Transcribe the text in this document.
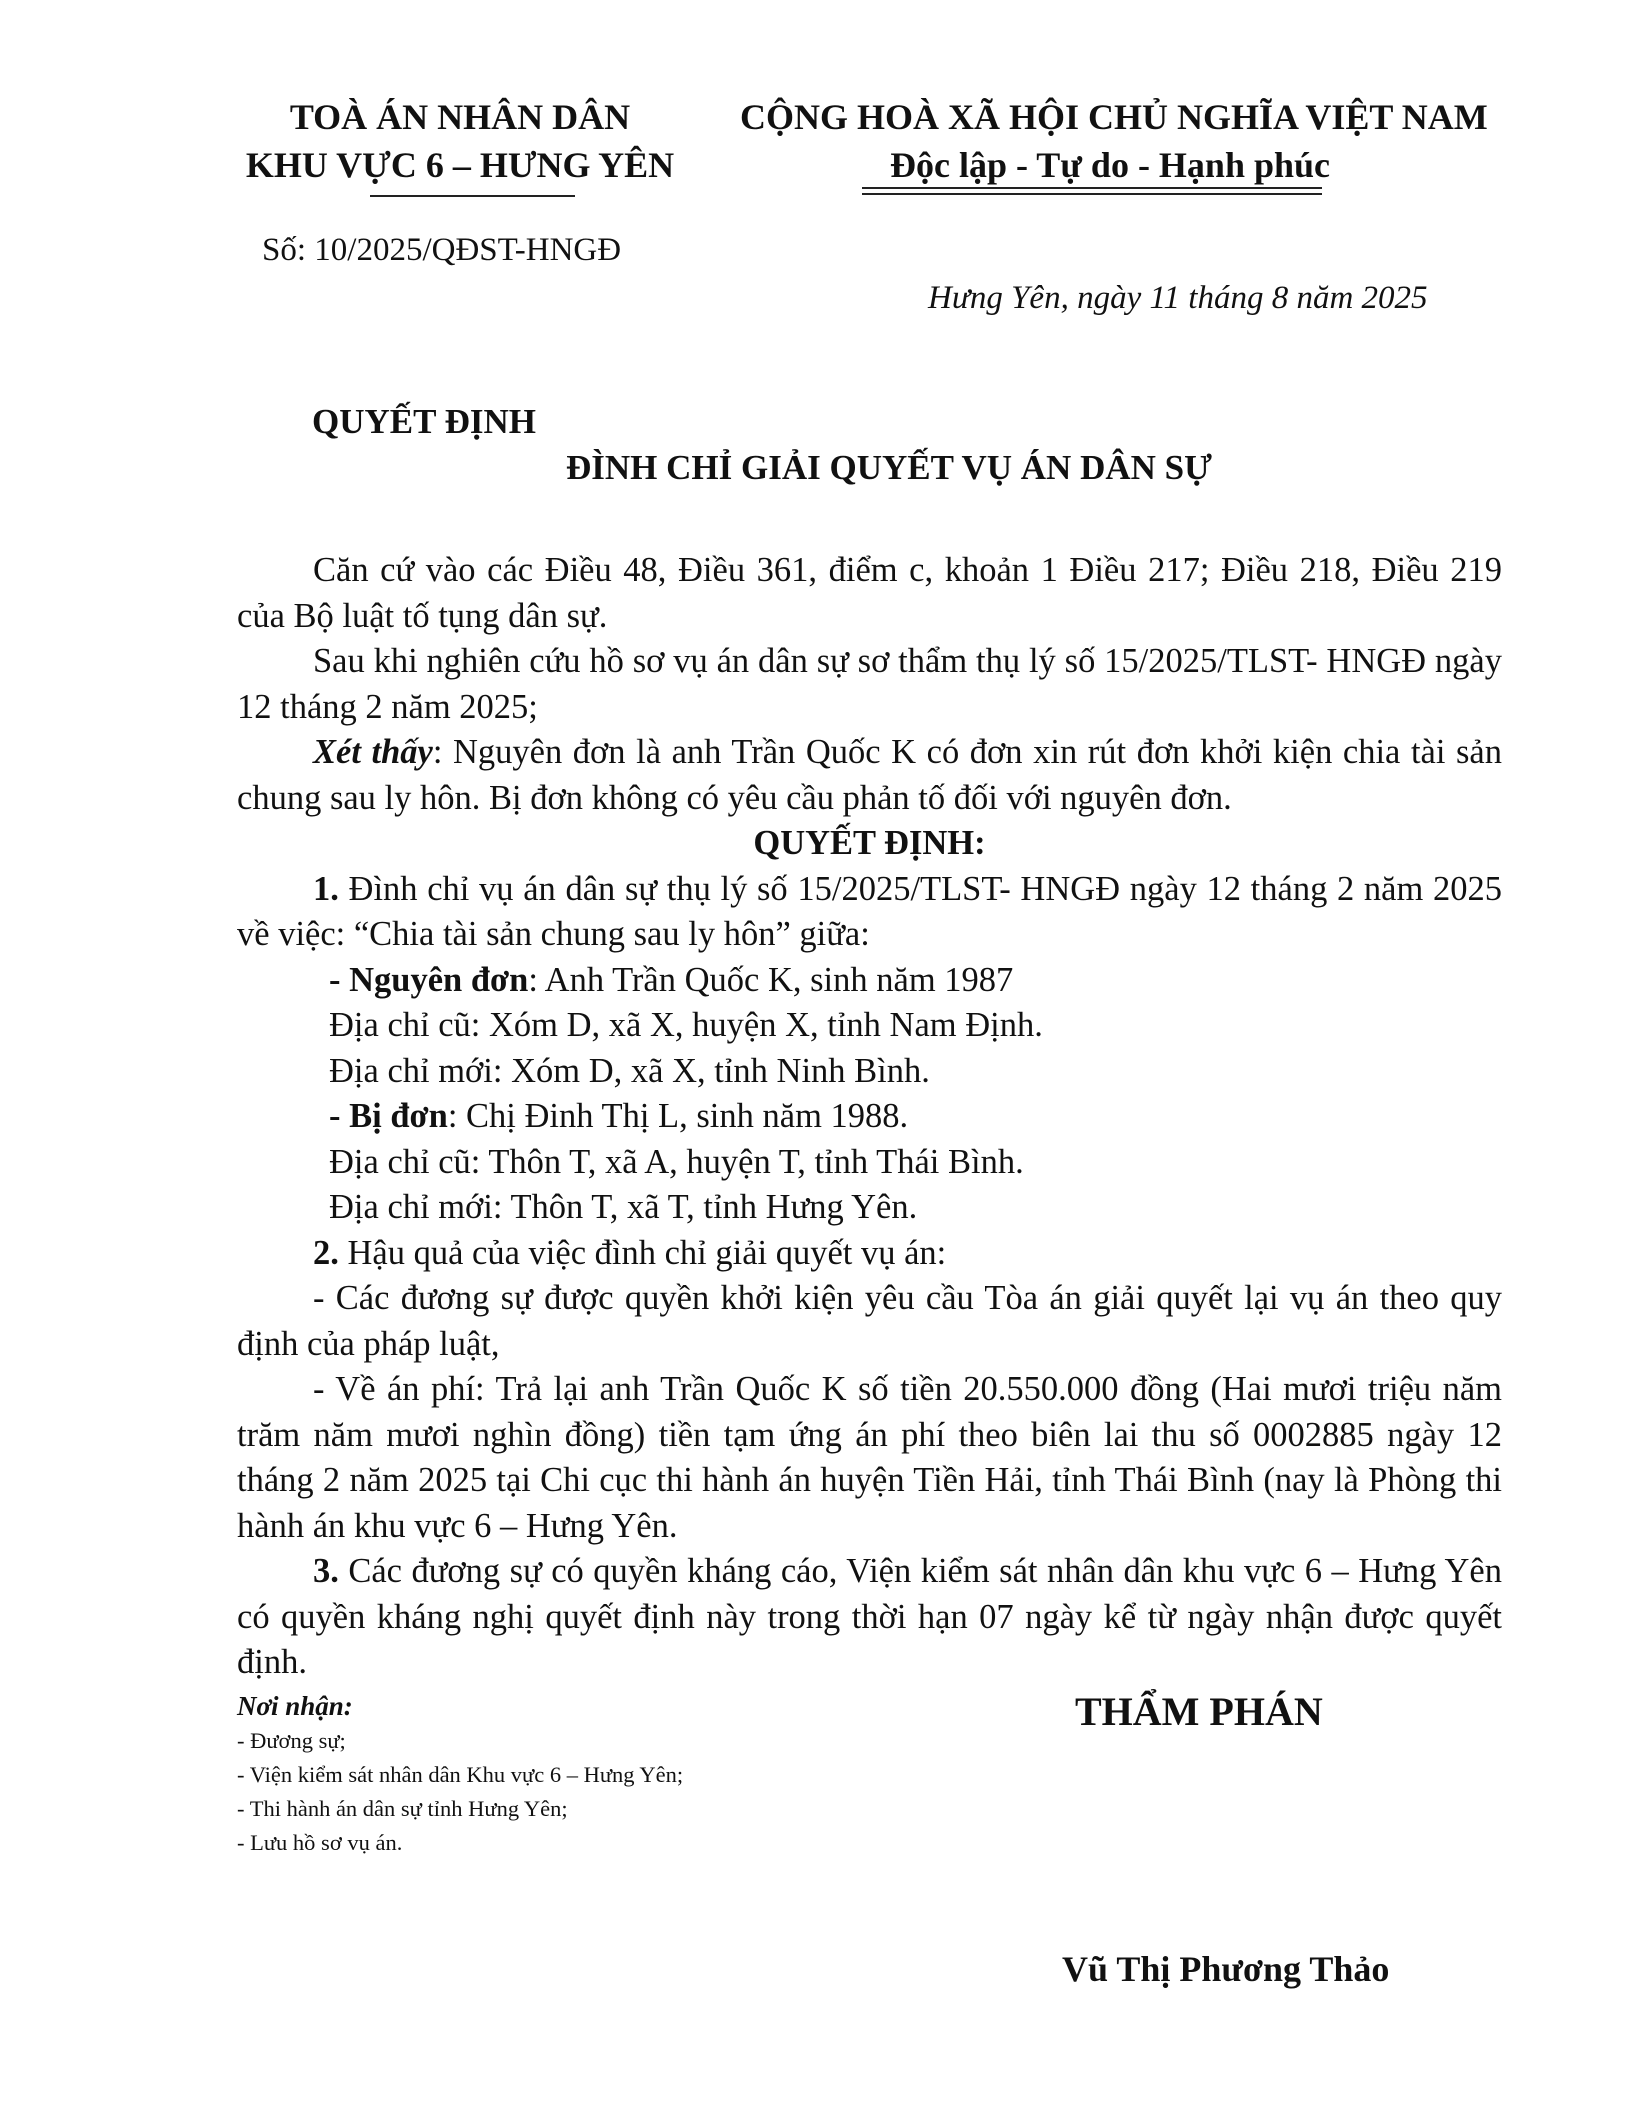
TOÀ ÁN NHÂN DÂN
KHU VỰC 6 – HƯNG YÊN
CỘNG HOÀ XÃ HỘI CHỦ NGHĨA VIỆT NAM
Độc lập - Tự do - Hạnh phúc
Số: 10/2025/QĐST-HNGĐ
Hưng Yên, ngày 11 tháng 8 năm 2025
QUYẾT ĐỊNH
ĐÌNH CHỈ GIẢI QUYẾT VỤ ÁN DÂN SỰ

Căn cứ vào các Điều 48, Điều 361, điểm c, khoản 1 Điều 217; Điều 218, Điều 219 của Bộ luật tố tụng dân sự.

Sau khi nghiên cứu hồ sơ vụ án dân sự sơ thẩm thụ lý số 15/2025/TLST- HNGĐ ngày 12 tháng 2 năm 2025;

Xét thấy: Nguyên đơn là anh Trần Quốc K có đơn xin rút đơn khởi kiện chia tài sản chung sau ly hôn. Bị đơn không có yêu cầu phản tố đối với nguyên đơn.

QUYẾT ĐỊNH:

1. Đình chỉ vụ án dân sự thụ lý số 15/2025/TLST- HNGĐ ngày 12 tháng 2 năm 2025 về việc: “Chia tài sản chung sau ly hôn” giữa:

- Nguyên đơn: Anh Trần Quốc K, sinh năm 1987

Địa chỉ cũ: Xóm D, xã X, huyện X, tỉnh Nam Định.

Địa chỉ mới: Xóm D, xã X, tỉnh Ninh Bình.

- Bị đơn: Chị Đinh Thị L, sinh năm 1988.

Địa chỉ cũ: Thôn T, xã A, huyện T, tỉnh Thái Bình.

Địa chỉ mới: Thôn T, xã T, tỉnh Hưng Yên.

2. Hậu quả của việc đình chỉ giải quyết vụ án:

- Các đương sự được quyền khởi kiện yêu cầu Tòa án giải quyết lại vụ án theo quy định của pháp luật,

- Về án phí: Trả lại anh Trần Quốc K số tiền 20.550.000 đồng (Hai mươi triệu năm trăm năm mươi nghìn đồng) tiền tạm ứng án phí theo biên lai thu số 0002885 ngày 12 tháng 2 năm 2025 tại Chi cục thi hành án huyện Tiền Hải, tỉnh Thái Bình (nay là Phòng thi hành án khu vực 6 – Hưng Yên.

3. Các đương sự có quyền kháng cáo, Viện kiểm sát nhân dân khu vực 6 – Hưng Yên có quyền kháng nghị quyết định này trong thời hạn 07 ngày kể từ ngày nhận được quyết định.

Nơi nhận:
- Đương sự;
- Viện kiểm sát nhân dân Khu vực 6 – Hưng Yên;
- Thi hành án dân sự tỉnh Hưng Yên;
- Lưu hồ sơ vụ án.
THẨM PHÁN
Vũ Thị Phương Thảo
